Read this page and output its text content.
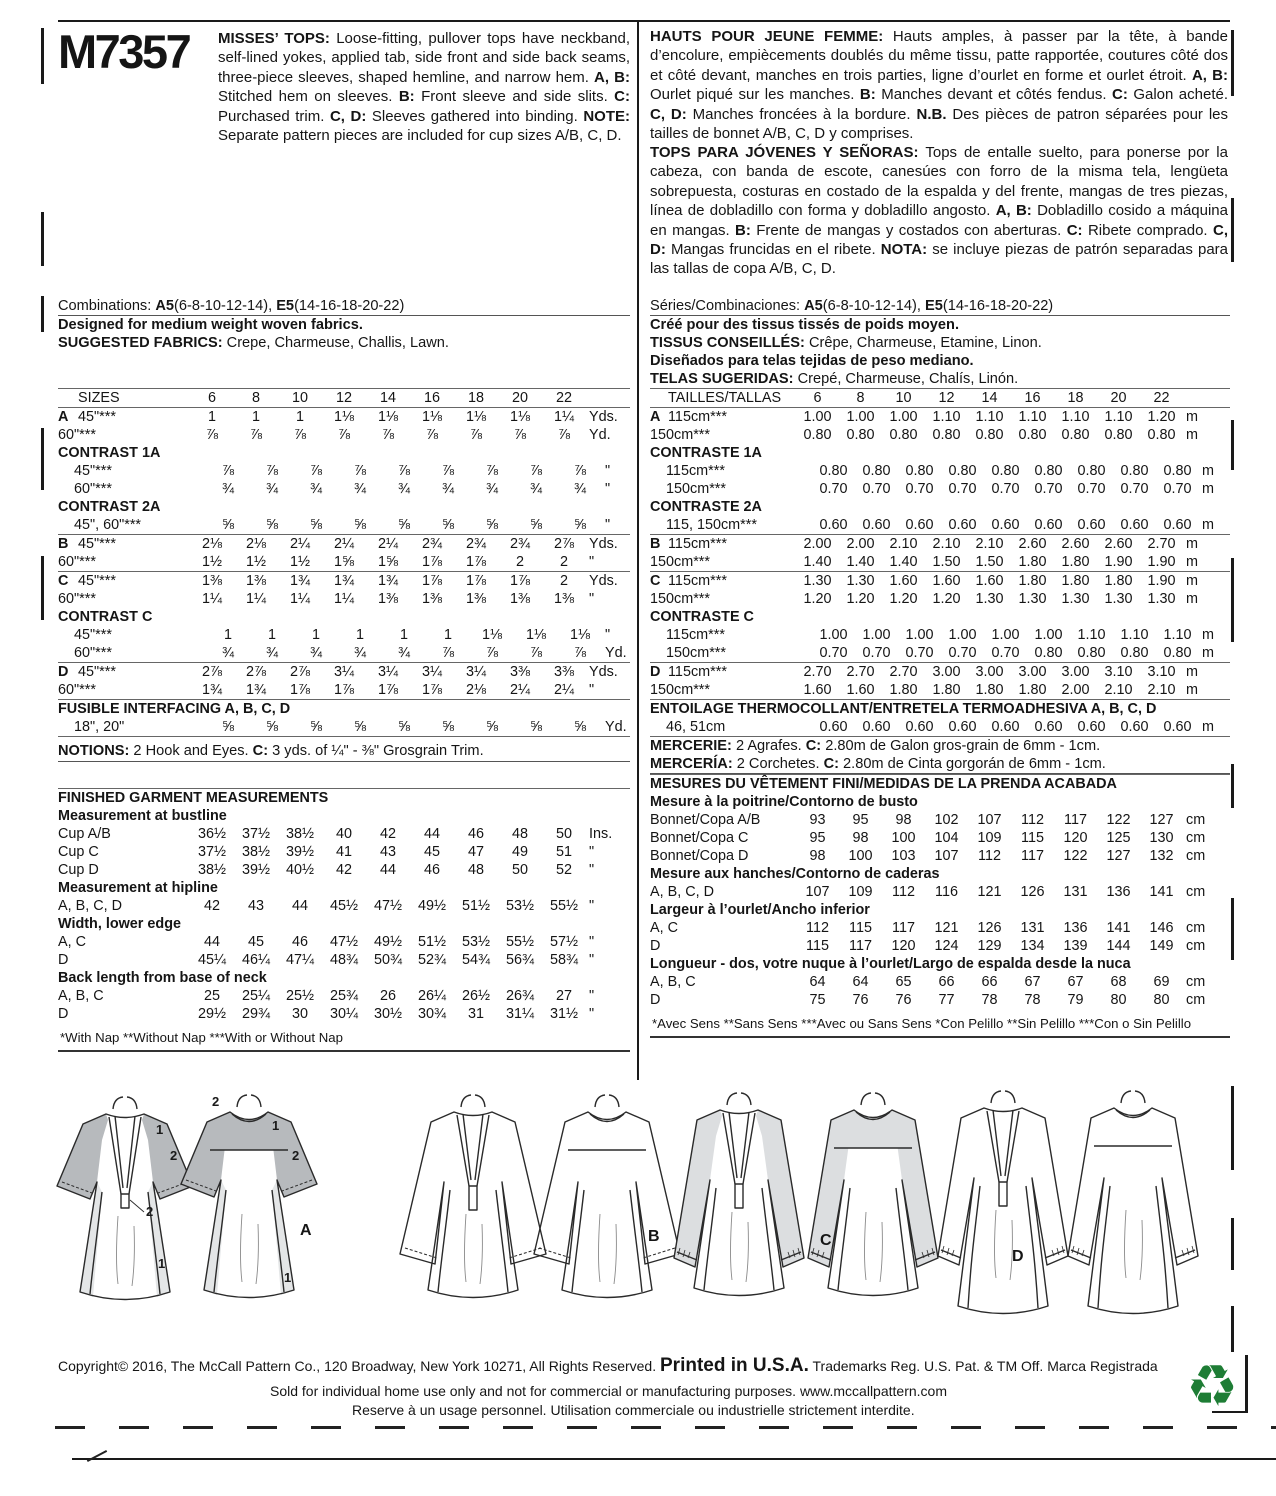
M7357	MISSES’ TOPS: Loose-fitting, pullover tops have neckband, self-lined yokes, applied tab, side front and side back seams, three-piece sleeves, shaped hemline, and narrow hem. A, B: Stitched hem on sleeves. B: Front sleeve and side slits. C: Purchased trim. C, D: Sleeves gathered into binding. NOTE: Separate pattern pieces are included for cup sizes A/B, C, D.
HAUTS POUR JEUNE FEMME: Hauts amples, à passer par la tête, à bande d’encolure, empiècements doublés du même tissu, patte rapportée, coutures côté dos et côté devant, manches en trois parties, ligne d’ourlet en forme et ourlet étroit. A, B: Ourlet piqué sur les manches. B: Manches devant et côtés fendus. C: Galon acheté. C, D: Manches froncées à la bordure. N.B. Des pièces de patron séparées pour les tailles de bonnet A/B, C, D y comprises.
TOPS PARA JÓVENES Y SEÑORAS: Tops de entalle suelto, para ponerse por la cabeza, con banda de escote, canesúes con forro de la misma tela, lengüeta sobrepuesta, costuras en costado de la espalda y del frente, mangas de tres piezas, línea de dobladillo con forma y dobladillo angosto. A, B: Dobladillo cosido a máquina en mangas. B: Frente de mangas y costados con aberturas. C: Ribete comprado. C, D: Mangas fruncidas en el ribete. NOTA: se incluye piezas de patrón separadas para las tallas de copa A/B, C, D.
Combinations: A5(6-8-10-12-14), E5(14-16-18-20-22)
Designed for medium weight woven fabrics.
SUGGESTED FABRICS: Crepe, Charmeuse, Challis, Lawn.
SIZES	6	8	10	12	14	16	18	20	22
A 45"***	1	1	1	1⅛	1⅛	1⅛	1⅛	1⅛	1¼	Yds.
60"***	⅞	⅞	⅞	⅞	⅞	⅞	⅞	⅞	⅞	Yd.
CONTRAST 1A
45"***	⅞	⅞	⅞	⅞	⅞	⅞	⅞	⅞	⅞	"
60"***	¾	¾	¾	¾	¾	¾	¾	¾	¾	"
CONTRAST 2A
45", 60"***	⅝	⅝	⅝	⅝	⅝	⅝	⅝	⅝	⅝	"
B 45"***	2⅛	2⅛	2¼	2¼	2¼	2¾	2¾	2¾	2⅞	Yds.
60"***	1½	1½	1½	1⅝	1⅝	1⅞	1⅞	2	2	"
C 45"***	1⅜	1⅜	1¾	1¾	1¾	1⅞	1⅞	1⅞	2	Yds.
60"***	1¼	1¼	1¼	1¼	1⅜	1⅜	1⅜	1⅜	1⅜	"
CONTRAST C
45"***	1	1	1	1	1	1	1⅛	1⅛	1⅛	"
60"***	¾	¾	¾	¾	¾	⅞	⅞	⅞	⅞	Yd.
D 45"***	2⅞	2⅞	2⅞	3¼	3¼	3¼	3¼	3⅜	3⅜	Yds.
60"***	1¾	1¾	1⅞	1⅞	1⅞	1⅞	2⅛	2¼	2¼	"
FUSIBLE INTERFACING A, B, C, D
18", 20"	⅝	⅝	⅝	⅝	⅝	⅝	⅝	⅝	⅝	Yd.
NOTIONS: 2 Hook and Eyes. C: 3 yds. of ¼" - ⅜" Grosgrain Trim.
FINISHED GARMENT MEASUREMENTS
Measurement at bustline
Cup A/B	36½	37½	38½	40	42	44	46	48	50	Ins.
Cup C	37½	38½	39½	41	43	45	47	49	51	"
Cup D	38½	39½	40½	42	44	46	48	50	52	"
Measurement at hipline
A, B, C, D	42	43	44	45½	47½	49½	51½	53½	55½ "
Width, lower edge
A, C	44	45	46	47½	49½	51½	53½	55½	57½ "
D	45¼	46¼	47¼	48¾	50¾	52¾	54¾	56¾	58¾ "
Back length from base of neck
A, B, C	25	25¼	25½	25¾	26	26¼	26½	26¾	27	"
D	29½	29¾	30	30¼	30½	30¾	31	31¼	31½ "
*With Nap **Without Nap ***With or Without Nap
Séries/Combinaciones: A5(6-8-10-12-14), E5(14-16-18-20-22)
Créé pour des tissus tissés de poids moyen.
TISSUS CONSEILLÉS: Crêpe, Charmeuse, Etamine, Linon.
Diseñados para telas tejidas de peso mediano.
TELAS SUGERIDAS: Crepé, Charmeuse, Chalís, Linón.
TAILLES/TALLAS	6	8	10	12	14	16	18	20	22
A 115cm***	1.00	1.00	1.00	1.10	1.10	1.10	1.10	1.10	1.20 m
150cm***	0.80	0.80	0.80	0.80	0.80	0.80	0.80	0.80	0.80 m
CONTRASTE 1A
115cm***	0.80	0.80	0.80	0.80	0.80	0.80	0.80	0.80	0.80 m
150cm***	0.70	0.70	0.70	0.70	0.70	0.70	0.70	0.70	0.70 m
CONTRASTE 2A
115, 150cm***	0.60	0.60	0.60	0.60	0.60	0.60	0.60	0.60	0.60 m
B 115cm***	2.00	2.00	2.10	2.10	2.10	2.60	2.60	2.60	2.70 m
150cm***	1.40	1.40	1.40	1.50	1.50	1.80	1.80	1.90	1.90 m
C 115cm***	1.30	1.30	1.60	1.60	1.60	1.80	1.80	1.80	1.90 m
150cm***	1.20	1.20	1.20	1.20	1.30	1.30	1.30	1.30	1.30 m
CONTRASTE C
115cm***	1.00	1.00	1.00	1.00	1.00	1.00	1.10	1.10	1.10 m
150cm***	0.70	0.70	0.70	0.70	0.70	0.80	0.80	0.80	0.80 m
D 115cm***	2.70	2.70	2.70	3.00	3.00	3.00	3.00	3.10	3.10 m
150cm***	1.60	1.60	1.80	1.80	1.80	1.80	2.00	2.10	2.10 m
ENTOILAGE THERMOCOLLANT/ENTRETELA TERMOADHESIVA A, B, C, D
46, 51cm	0.60	0.60	0.60	0.60	0.60	0.60	0.60	0.60	0.60 m
MERCERIE: 2 Agrafes. C: 2.80m de Galon gros-grain de 6mm - 1cm.
MERCERÍA: 2 Corchetes. C: 2.80m de Cinta gorgorán de 6mm - 1cm.
MESURES DU VÊTEMENT FINI/MEDIDAS DE LA PRENDA ACABADA
Mesure à la poitrine/Contorno de busto
Bonnet/Copa A/B	93	95	98	102	107	112	117	122	127 cm
Bonnet/Copa C	95	98	100	104	109	115	120	125	130 cm
Bonnet/Copa D	98	100	103	107	112	117	122	127	132 cm
Mesure aux hanches/Contorno de caderas
A, B, C, D	107	109	112	116	121	126	131	136	141 cm
Largeur à l’ourlet/Ancho inferior
A, C	112	115	117	121	126	131	136	141	146 cm
D	115	117	120	124	129	134	139	144	149 cm
Longueur - dos, votre nuque à l’ourlet/Largo de espalda desde la nuca
A, B, C	64	64	65	66	66	67	67	68	69	cm
D	75	76	76	77	78	78	79	80	80	cm
*Avec Sens **Sans Sens ***Avec ou Sans Sens *Con Pelillo **Sin Pelillo ***Con o Sin Pelillo
1
2
2
1
2
1
2
1
A	B	C
D
Copyright© 2016, The McCall Pattern Co., 120 Broadway, New York 10271, All Rights Reserved. Printed in U.S.A. Trademarks Reg. U.S. Pat. & TM Off. Marca Registrada
Sold for individual home use only and not for commercial or manufacturing purposes. www.mccallpattern.com
Reserve à un usage personnel. Utilisation commerciale ou industrielle strictement interdite.	♻
